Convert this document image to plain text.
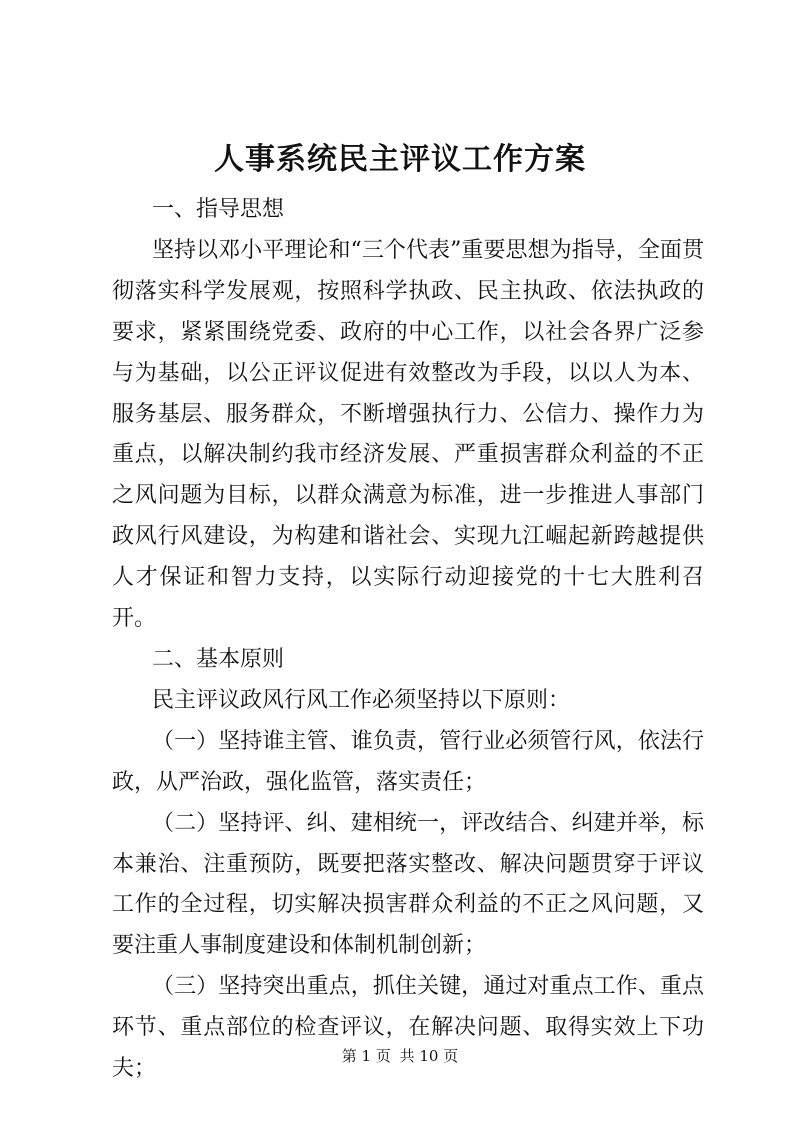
人事系统民主评议工作方案

一、指导思想

坚持以邓小平理论和“三个代表”重要思想为指导，全面贯彻落实科学发展观，按照科学执政、民主执政、依法执政的要求，紧紧围绕党委、政府的中心工作，以社会各界广泛参与为基础，以公正评议促进有效整改为手段，以以人为本、服务基层、服务群众，不断增强执行力、公信力、操作力为重点，以解决制约我市经济发展、严重损害群众利益的不正之风问题为目标，以群众满意为标准，进一步推进人事部门政风行风建设，为构建和谐社会、实现九江崛起新跨越提供人才保证和智力支持，以实际行动迎接党的十七大胜利召开。

二、基本原则

民主评议政风行风工作必须坚持以下原则：

（一）坚持谁主管、谁负责，管行业必须管行风，依法行政，从严治政，强化监管，落实责任；

（二）坚持评、纠、建相统一，评改结合、纠建并举，标本兼治、注重预防，既要把落实整改、解决问题贯穿于评议工作的全过程，切实解决损害群众利益的不正之风问题，又要注重人事制度建设和体制机制创新；

（三）坚持突出重点，抓住关键，通过对重点工作、重点环节、重点部位的检查评议，在解决问题、取得实效上下功夫；

第 1 页 共 10 页
